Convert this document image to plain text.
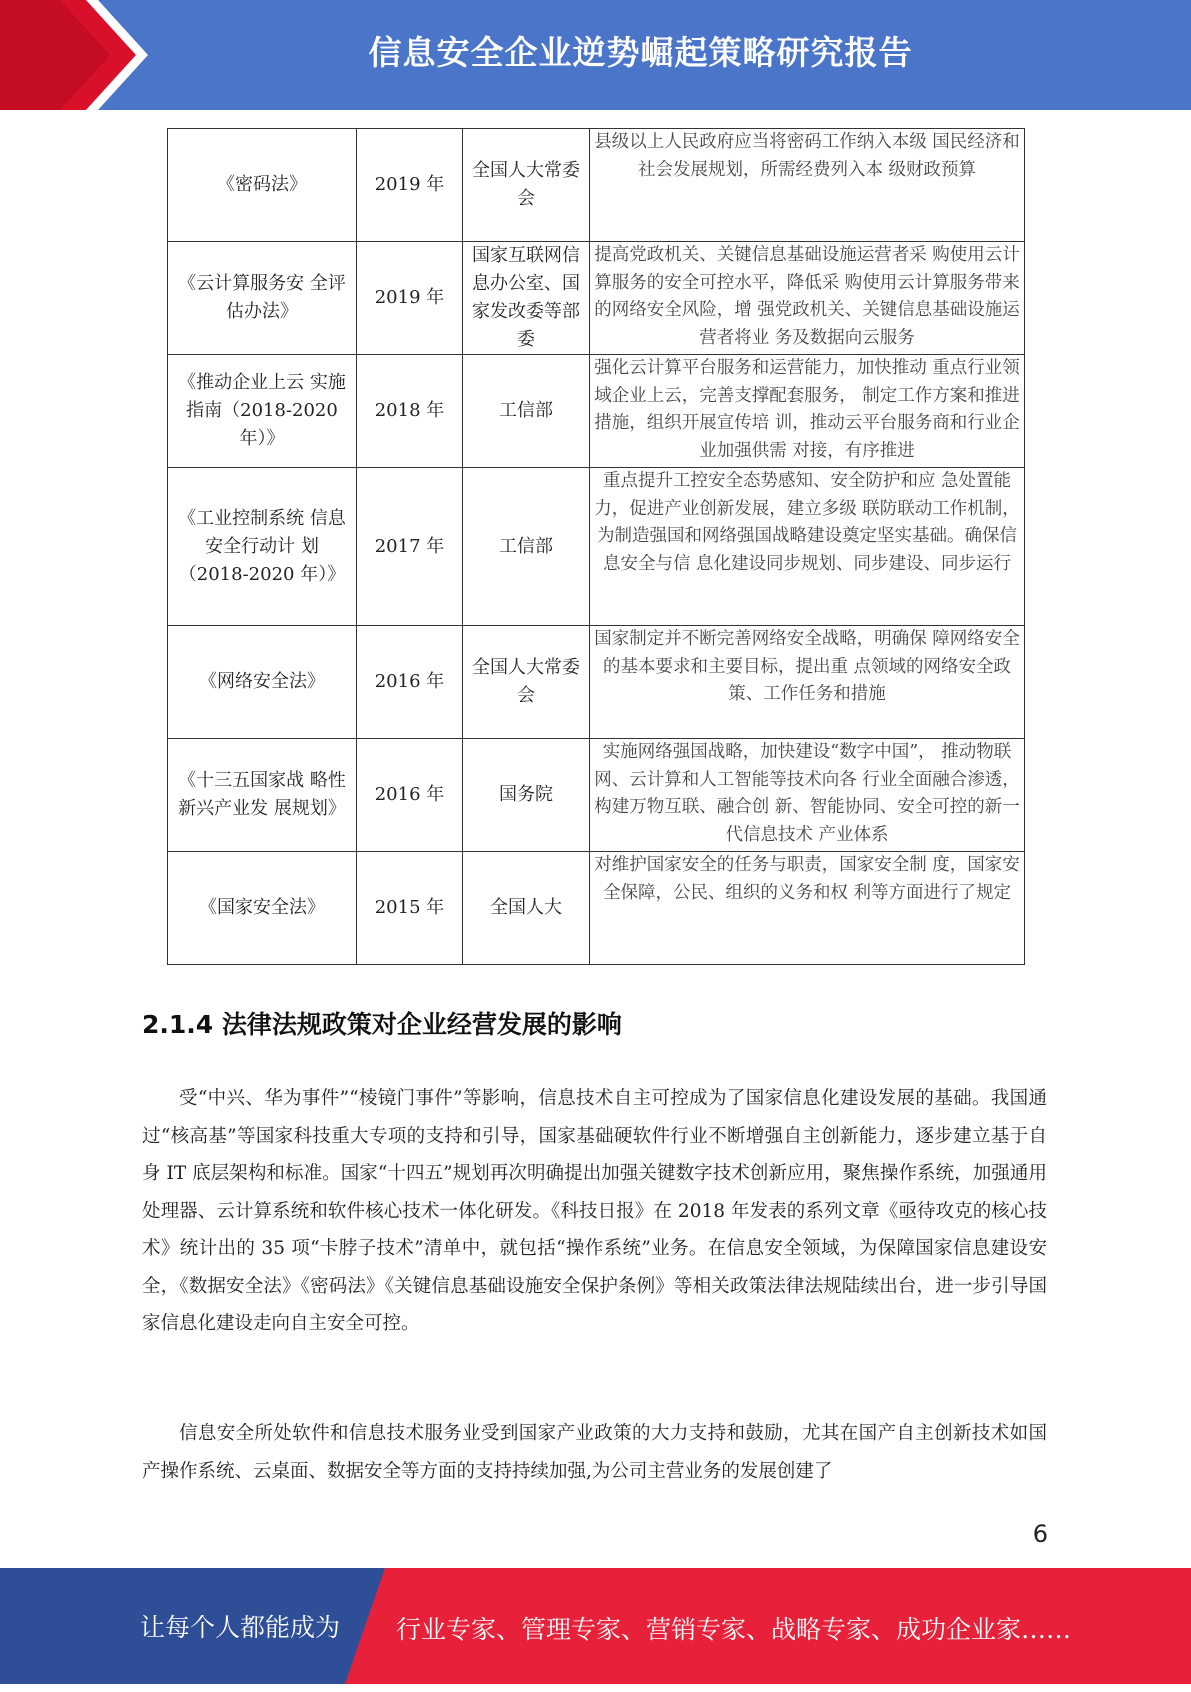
信息安全企业逆势崛起策略研究报告
《密码法》	2019 年	全国人大常委会	县级以上人民政府应当将密码工作纳入本级 国民经济和社会发展规划，所需经费列入本 级财政预算
《云计算服务安 全评估办法》	2019 年	国家互联网信息办公室、国家发改委等部委	提高党政机关、关键信息基础设施运营者采 购使用云计算服务的安全可控水平，降低采 购使用云计算服务带来的网络安全风险，增 强党政机关、关键信息基础设施运营者将业 务及数据向云服务

《推动企业上云 实施指南（2018-2020 年）》	2018 年	工信部	强化云计算平台服务和运营能力，加快推动 重点行业领域企业上云，完善支撑配套服务， 制定工作方案和推进措施，组织开展宣传培 训，推动云平台服务商和行业企业加强供需 对接，有序推进

《工业控制系统 信息安全行动计 划（2018-2020 年）》	2017 年	工信部	重点提升工控安全态势感知、安全防护和应 急处置能力，促进产业创新发展，建立多级 联防联动工作机制，为制造强国和网络强国战略建设奠定坚实基础。确保信息安全与信 息化建设同步规划、同步建设、同步运行
《网络安全法》	2016 年	全国人大常委会	国家制定并不断完善网络安全战略，明确保 障网络安全的基本要求和主要目标，提出重 点领域的网络安全政策、工作任务和措施
《十三五国家战 略性新兴产业发 展规划》	2016 年	国务院	实施网络强国战略，加快建设“数字中国”， 推动物联网、云计算和人工智能等技术向各 行业全面融合渗透，构建万物互联、融合创 新、智能协同、安全可控的新一代信息技术 产业体系

《国家安全法》	2015 年	全国人大	对维护国家安全的任务与职责，国家安全制 度，国家安全保障，公民、组织的义务和权 利等方面进行了规定
2.1.4 法律法规政策对企业经营发展的影响

受“中兴、华为事件”“棱镜门事件”等影响，信息技术自主可控成为了国家信息化建设发展的基础。我国通过“核高基”等国家科技重大专项的支持和引导，国家基础硬软件行业不断增强自主创新能力，逐步建立基于自身 IT 底层架构和标准。国家“十四五”规划再次明确提出加强关键数字技术创新应用，聚焦操作系统，加强通用处理器、云计算系统和软件核心技术一体化研发。《科技日报》在 2018 年发表的系列文章《亟待攻克的核心技术》统计出的 35 项“卡脖子技术”清单中，就包括“操作系统”业务。在信息安全领域，为保障国家信息建设安全，《数据安全法》《密码法》《关键信息基础设施安全保护条例》等相关政策法律法规陆续出台，进一步引导国家信息化建设走向自主安全可控。

信息安全所处软件和信息技术服务业受到国家产业政策的大力支持和鼓励，尤其在国产自主创新技术如国产操作系统、云桌面、数据安全等方面的支持持续加强,为公司主营业务的发展创建了

6
让每个人都能成为 行业专家、管理专家、营销专家、战略专家、成功企业家……
